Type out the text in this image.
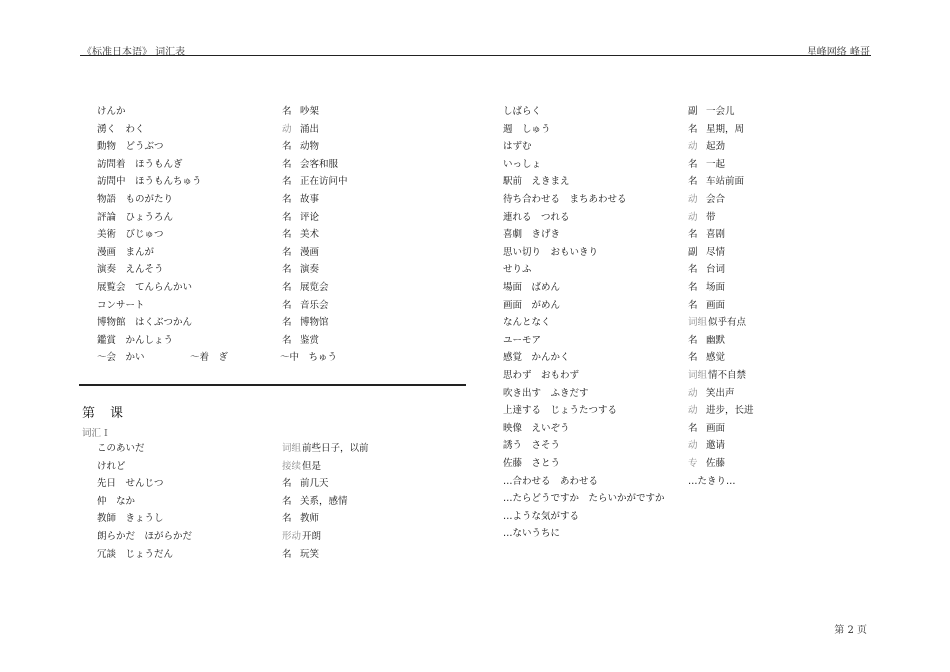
《标准日本语》 词汇表	星峰网络 峰哥
けんか	名 吵架
湧く　わく	动 涌出
動物　どうぶつ	名 动物
訪問着　ほうもんぎ	名 会客和服
訪問中　ほうもんちゅう	名 正在访问中
物語　ものがたり	名 故事
評論　ひょうろん	名 评论
美術　びじゅつ	名 美术
漫画　まんが	名 漫画
演奏　えんそう	名 演奏
展覧会　てんらんかい	名 展览会
コンサート	名 音乐会
博物館　はくぶつかん	名 博物馆
鑑賞　かんしょう	名 鉴赏
～会　かい	～着　ぎ	～中　ちゅう
第　课
词汇 I
このあいだ	词组 前些日子，以前
けれど	接续 但是
先日　せんじつ	名 前几天
仲　なか	名 关系，感情
教師　きょうし	名 教师
朗らかだ　ほがらかだ	形动 开朗
冗談　じょうだん	名 玩笑
しばらく	副 一会儿
週　しゅう	名 星期，周
はずむ	动 起劲
いっしょ	名 一起
駅前　えきまえ	名 车站前面
待ち合わせる　まちあわせる	动 会合
連れる　つれる	动 带
喜劇　きげき	名 喜剧
思い切り　おもいきり	副 尽情
せりふ	名 台词
場面　ばめん	名 场面
画面　がめん	名 画面
なんとなく	词组 似乎有点
ユーモア	名 幽默
感覚　かんかく	名 感觉
思わず　おもわず	词组 情不自禁
吹き出す　ふきだす	动 笑出声
上達する　じょうたつする	动 进步，长进
映像　えいぞう	名 画面
誘う　さそう	动 邀请
佐藤　さとう	专 佐藤
…合わせる　あわせる	…たきり…
…たらどうですか　たらいかがですか
…ような気がする
…ないうちに
第 2 页
